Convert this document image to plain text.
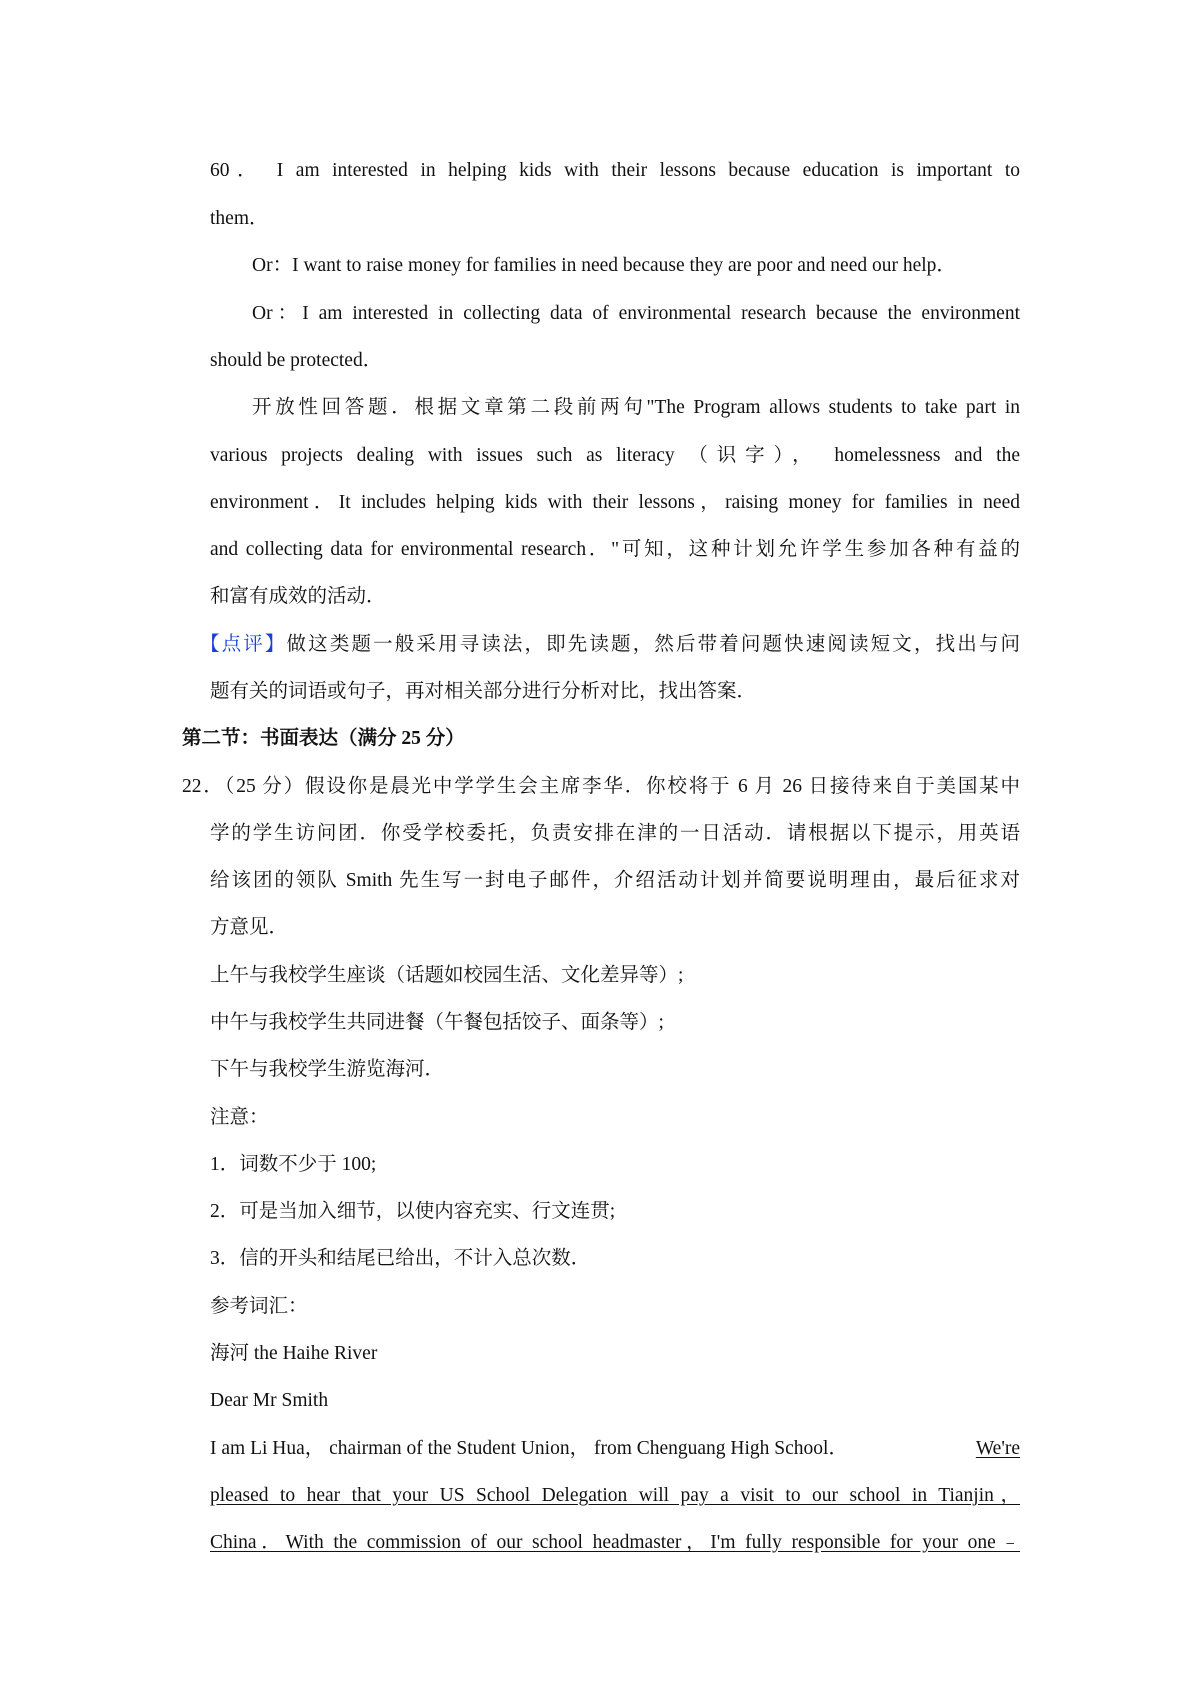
60． I am interested in helping kids with their lessons because education is important to
them．
Or：I want to raise money for families in need because they are poor and need our help．
Or：I am interested in collecting data of environmental research because the environment
should be protected．
开放性回答题．根据文章第二段前两句"The Program allows students to take part in
various projects dealing with issues such as literacy （识字）， homelessness and the
environment．It includes helping kids with their lessons，raising money for families in need
and collecting data for environmental research．"可知，这种计划允许学生参加各种有益的
和富有成效的活动．
【点评】做这类题一般采用寻读法，即先读题，然后带着问题快速阅读短文，找出与问
题有关的词语或句子，再对相关部分进行分析对比，找出答案．
第二节：书面表达（满分 25 分）
22．（25 分）假设你是晨光中学学生会主席李华．你校将于 6 月 26 日接待来自于美国某中
学的学生访问团．你受学校委托，负责安排在津的一日活动．请根据以下提示，用英语
给该团的领队 Smith 先生写一封电子邮件，介绍活动计划并简要说明理由，最后征求对
方意见．
上午与我校学生座谈（话题如校园生活、文化差异等）;
中午与我校学生共同进餐（午餐包括饺子、面条等）;
下午与我校学生游览海河．
注意：
1．词数不少于 100;
2．可是当加入细节，以使内容充实、行文连贯;
3．信的开头和结尾已给出，不计入总次数．
参考词汇：
海河 the Haihe River
Dear Mr Smith
I am Li Hua， chairman of the Student Union， from Chenguang High School．	We're
pleased to hear that your US School Delegation will pay a visit to our school in Tianjin，
China．With the commission of our school headmaster，I'm fully responsible for your one﹣
